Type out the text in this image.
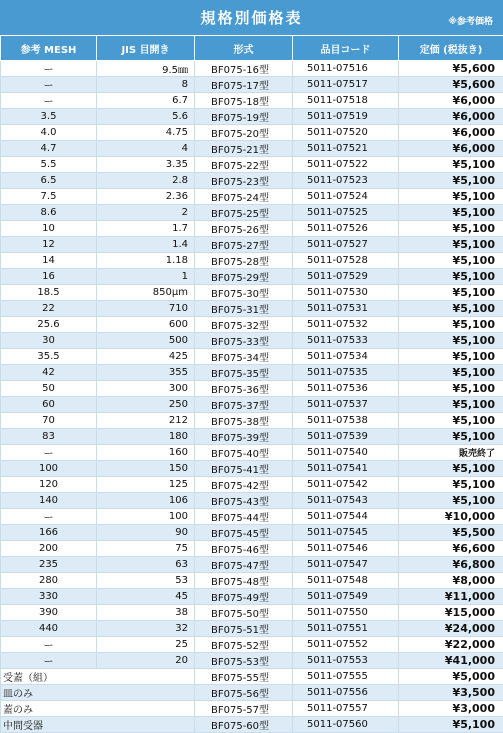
規格別価格表	※参考価格
参考 MESH	JIS 目開き	形式	品目コード	定価 (税抜き)
ー	9.5㎜	BF075-16型	5011-07516	¥5,600
ー	8	BF075-17型	5011-07517	¥5,600
ー	6.7	BF075-18型	5011-07518	¥6,000
3.5	5.6	BF075-19型	5011-07519	¥6,000
4.0	4.75	BF075-20型	5011-07520	¥6,000
4.7	4	BF075-21型	5011-07521	¥6,000
5.5	3.35	BF075-22型	5011-07522	¥5,100
6.5	2.8	BF075-23型	5011-07523	¥5,100
7.5	2.36	BF075-24型	5011-07524	¥5,100
8.6	2	BF075-25型	5011-07525	¥5,100
10	1.7	BF075-26型	5011-07526	¥5,100
12	1.4	BF075-27型	5011-07527	¥5,100
14	1.18	BF075-28型	5011-07528	¥5,100
16	1	BF075-29型	5011-07529	¥5,100
18.5	850μm	BF075-30型	5011-07530	¥5,100
22	710	BF075-31型	5011-07531	¥5,100
25.6	600	BF075-32型	5011-07532	¥5,100
30	500	BF075-33型	5011-07533	¥5,100
35.5	425	BF075-34型	5011-07534	¥5,100
42	355	BF075-35型	5011-07535	¥5,100
50	300	BF075-36型	5011-07536	¥5,100
60	250	BF075-37型	5011-07537	¥5,100
70	212	BF075-38型	5011-07538	¥5,100
83	180	BF075-39型	5011-07539	¥5,100
ー	160	BF075-40型	5011-07540	販売終了
100	150	BF075-41型	5011-07541	¥5,100
120	125	BF075-42型	5011-07542	¥5,100
140	106	BF075-43型	5011-07543	¥5,100
ー	100	BF075-44型	5011-07544	¥10,000
166	90	BF075-45型	5011-07545	¥5,500
200	75	BF075-46型	5011-07546	¥6,600
235	63	BF075-47型	5011-07547	¥6,800
280	53	BF075-48型	5011-07548	¥8,000
330	45	BF075-49型	5011-07549	¥11,000
390	38	BF075-50型	5011-07550	¥15,000
440	32	BF075-51型	5011-07551	¥24,000
ー	25	BF075-52型	5011-07552	¥22,000
ー	20	BF075-53型	5011-07553	¥41,000
受蓋（組）		BF075-55型	5011-07555	¥5,000
皿のみ		BF075-56型	5011-07556	¥3,500
蓋のみ		BF075-57型	5011-07557	¥3,000
中間受器		BF075-60型	5011-07560	¥5,100
